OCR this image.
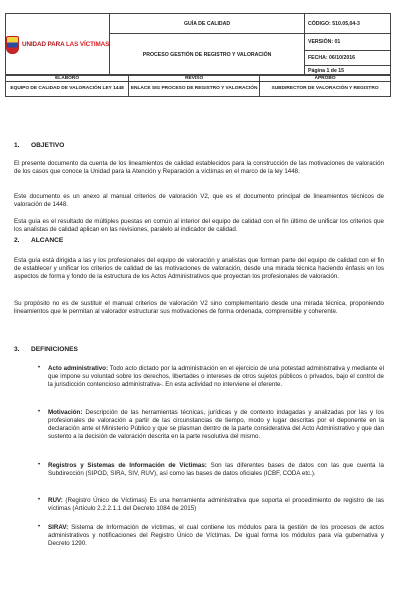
UNIDAD PARA LAS VÍCTIMAS	GUÍA DE CALIDAD	CÓDIGO: 510.05,04-3
	PROCESO GESTIÓN DE REGISTRO Y VALORACIÓN	VERSIÓN: 01
		FECHA: 06/10/2016
		Página 1 de 15
ELABORO	REVISO	APROBO
EQUIPO DE CALIDAD DE VALORACIÓN LEY 1448	ENLACE SIG PROCESO DE REGISTRO Y VALORACIÓN	SUBDIRECTOR DE VALORACIÓN Y REGISTRO
1. OBJETIVO

El presente documento da cuenta de los lineamientos de calidad establecidos para la construcción de las motivaciones de valoración de los casos que conoce la Unidad para la Atención y Reparación a víctimas en el marco de la ley 1448.

Este documento es un anexo al manual criterios de valoración V2, que es el documento principal de lineamientos técnicos de valoración de 1448.

Esta guía es el resultado de múltiples puestas en común al interior del equipo de calidad con el fin último de unificar los criterios que los analistas de calidad aplican en las revisiones, paralelo al indicador de calidad.

2. ALCANCE

Esta guía está dirigida a las y los profesionales del equipo de valoración y analistas que forman parte del equipo de calidad con el fin de establecer y unificar los criterios de calidad de las motivaciones de valoración, desde una mirada técnica haciendo énfasis en los aspectos de forma y fondo de la estructura de los Actos Administrativos que proyectan los profesionales de valoración.

Su propósito no es de sustituir el manual criterios de valoración V2 sino complementario desde una mirada técnica, proponiendo lineamientos que le permitan al valorador estructurar sus motivaciones de forma ordenada, comprensible y coherente.

3. DEFINICIONES
• Acto administrativo: Todo acto dictado por la administración en el ejercicio de una potestad administrativa y mediante el que impone su voluntad sobre los derechos, libertades o intereses de otros sujetos públicos o privados, bajo el control de la jurisdicción contencioso administrativa-. En esta actividad no interviene el oferente.
• Motivación: Descripción de las herramientas técnicas, jurídicas y de contexto indagadas y analizadas por las y los profesionales de valoración a partir de las circunstancias de tiempo, modo y lugar descritas por el deponente en la declaración ante el Ministerio Público y que se plasman dentro de la parte considerativa del Acto Administrativo y que dan sustento a la decisión de valoración descrita en la parte resolutiva del mismo.
• Registros y Sistemas de Información de Víctimas: Son las diferentes bases de datos con las que cuenta la Subdirección (SIPOD, SIRA, SIV, RUV), así como las bases de datos oficiales (ICBF, CODA etc.).
• RUV: (Registro Único de Víctimas) Es una herramienta administrativa que soporta el procedimiento de registro de las víctimas (Artículo 2.2.2.1.1 del Decreto 1084 de 2015)
• SIRAV: Sistema de Información de víctimas, el cual contiene los módulos para la gestión de los procesos de actos administrativos y notificaciones del Registro Único de Víctimas. De igual forma los módulos para vía gubernativa y Decreto 1290.
